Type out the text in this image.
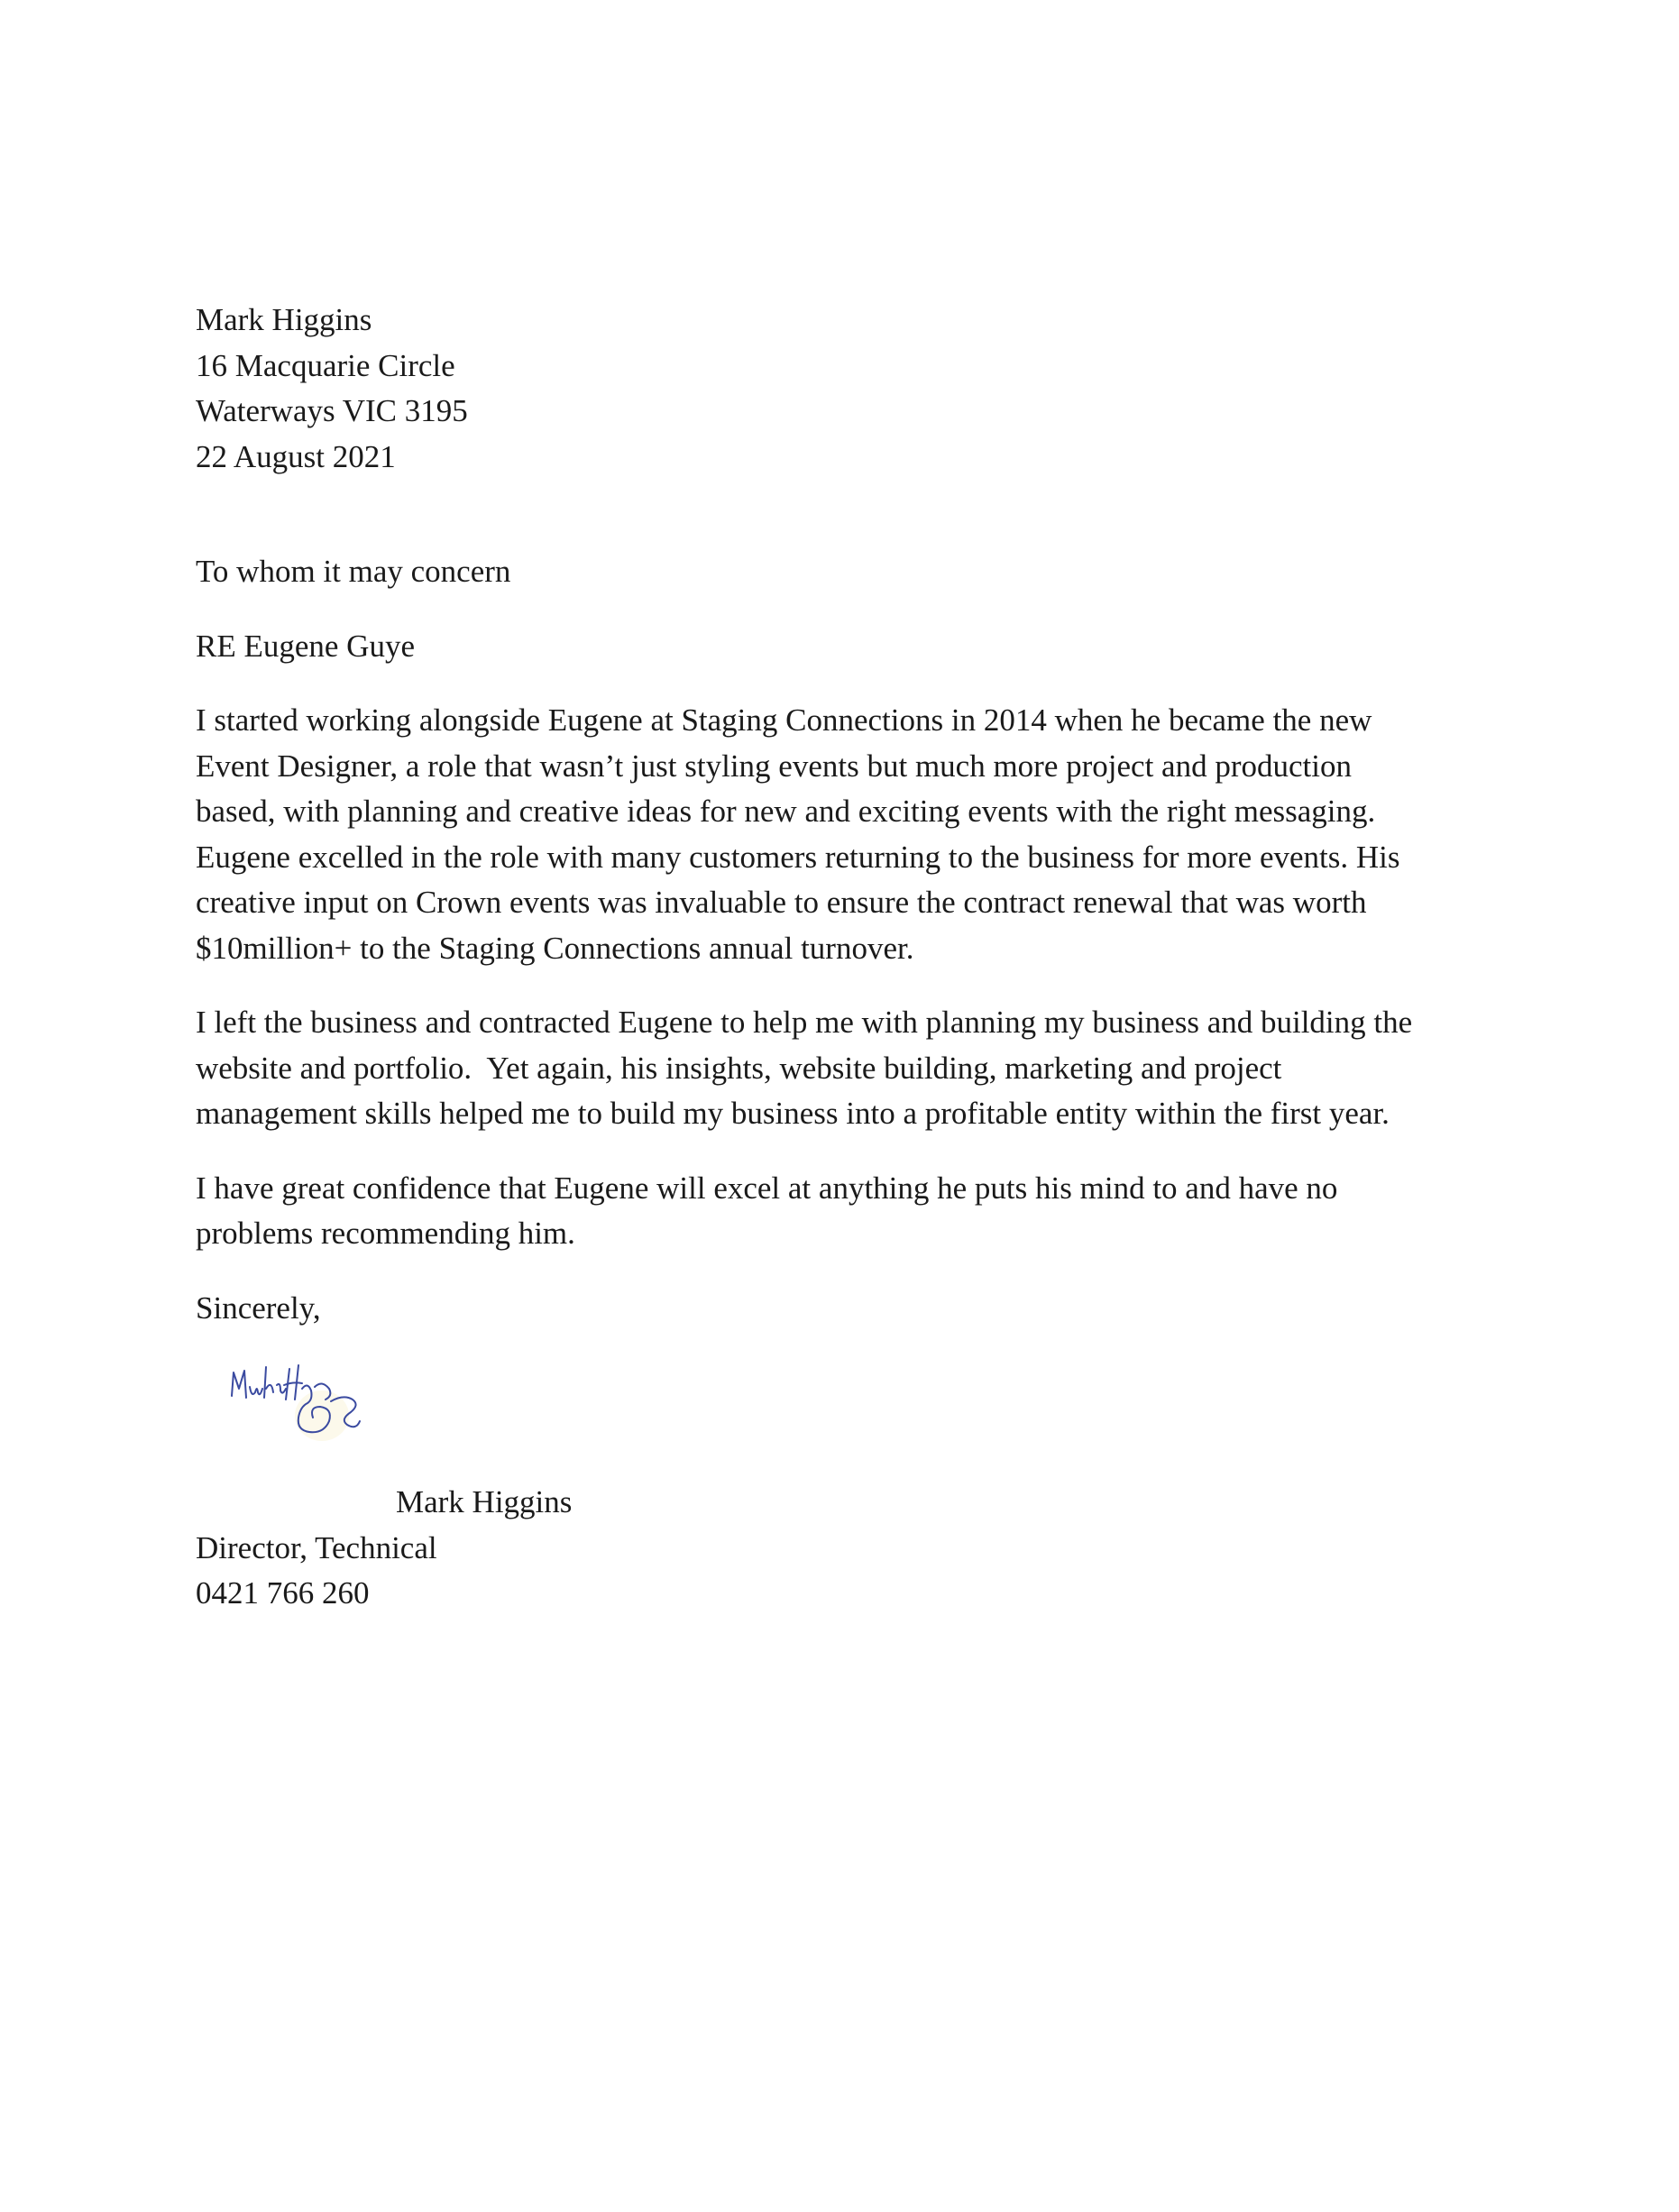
Mark Higgins
16 Macquarie Circle
Waterways VIC 3195
22 August 2021
To whom it may concern
RE Eugene Guye
I started working alongside Eugene at Staging Connections in 2014 when he became the new
Event Designer, a role that wasn’t just styling events but much more project and production
based, with planning and creative ideas for new and exciting events with the right messaging.
Eugene excelled in the role with many customers returning to the business for more events. His
creative input on Crown events was invaluable to ensure the contract renewal that was worth
$10million+ to the Staging Connections annual turnover.
I left the business and contracted Eugene to help me with planning my business and building the
website and portfolio.  Yet again, his insights, website building, marketing and project
management skills helped me to build my business into a profitable entity within the first year.
I have great confidence that Eugene will excel at anything he puts his mind to and have no
problems recommending him.
Sincerely,
Mark Higgins
Director, Technical
0421 766 260
